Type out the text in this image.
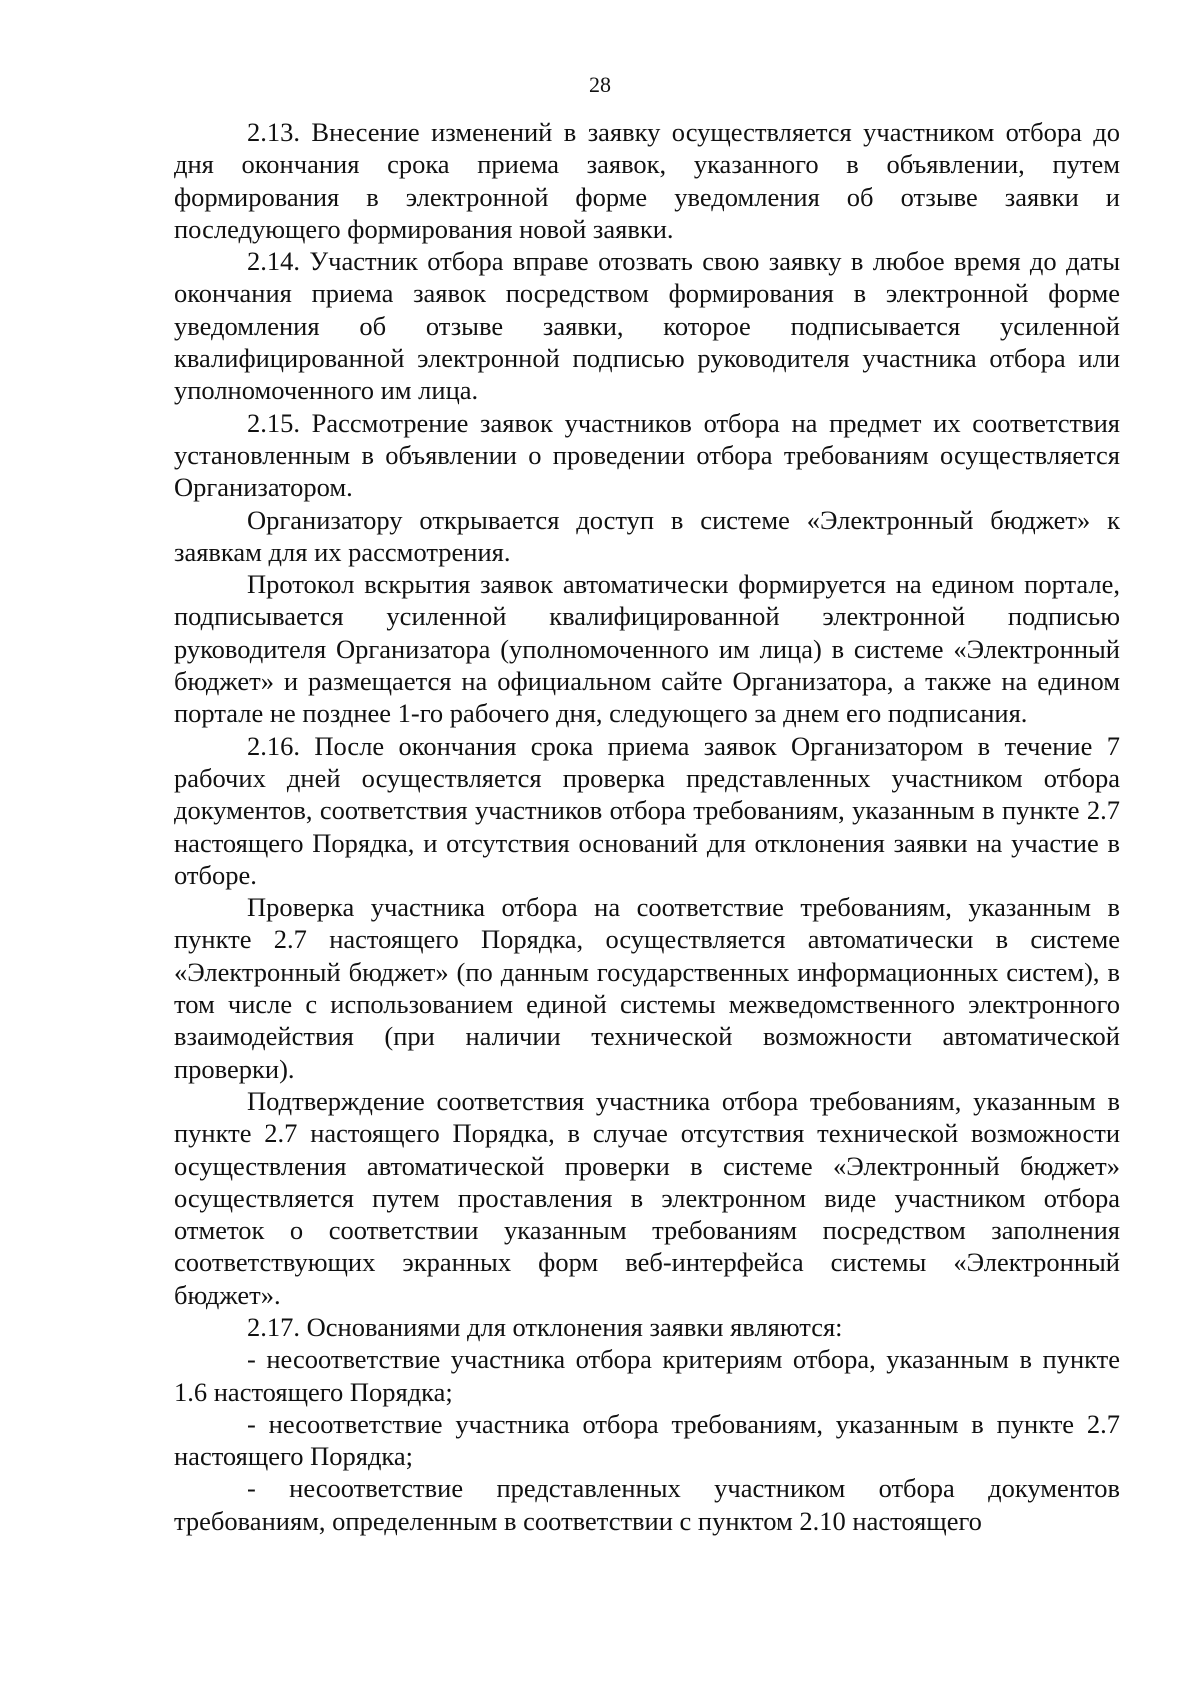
28

2.13. Внесение изменений в заявку осуществляется участником отбора до дня окончания срока приема заявок, указанного в объявлении, путем формирования в электронной форме уведомления об отзыве заявки и последующего формирования новой заявки.

2.14. Участник отбора вправе отозвать свою заявку в любое время до даты окончания приема заявок посредством формирования в электронной форме уведомления об отзыве заявки, которое подписывается усиленной квалифицированной электронной подписью руководителя участника отбора или уполномоченного им лица.

2.15. Рассмотрение заявок участников отбора на предмет их соответствия установленным в объявлении о проведении отбора требованиям осуществляется Организатором.

Организатору открывается доступ в системе «Электронный бюджет» к заявкам для их рассмотрения.

Протокол вскрытия заявок автоматически формируется на едином портале, подписывается усиленной квалифицированной электронной подписью руководителя Организатора (уполномоченного им лица) в системе «Электронный бюджет» и размещается на официальном сайте Организатора, а также на едином портале не позднее 1-го рабочего дня, следующего за днем его подписания.

2.16. После окончания срока приема заявок Организатором в течение 7 рабочих дней осуществляется проверка представленных участником отбора документов, соответствия участников отбора требованиям, указанным в пункте 2.7 настоящего Порядка, и отсутствия оснований для отклонения заявки на участие в отборе.

Проверка участника отбора на соответствие требованиям, указанным в пункте 2.7 настоящего Порядка, осуществляется автоматически в системе «Электронный бюджет» (по данным государственных информационных систем), в том числе с использованием единой системы межведомственного электронного взаимодействия (при наличии технической возможности автоматической проверки).

Подтверждение соответствия участника отбора требованиям, указанным в пункте 2.7 настоящего Порядка, в случае отсутствия технической возможности осуществления автоматической проверки в системе «Электронный бюджет» осуществляется путем проставления в электронном виде участником отбора отметок о соответствии указанным требованиям посредством заполнения соответствующих экранных форм веб-интерфейса системы «Электронный бюджет».

2.17. Основаниями для отклонения заявки являются:

- несоответствие участника отбора критериям отбора, указанным в пункте 1.6 настоящего Порядка;

- несоответствие участника отбора требованиям, указанным в пункте 2.7 настоящего Порядка;

- несоответствие представленных участником отбора документов требованиям, определенным в соответствии с пунктом 2.10 настоящего
